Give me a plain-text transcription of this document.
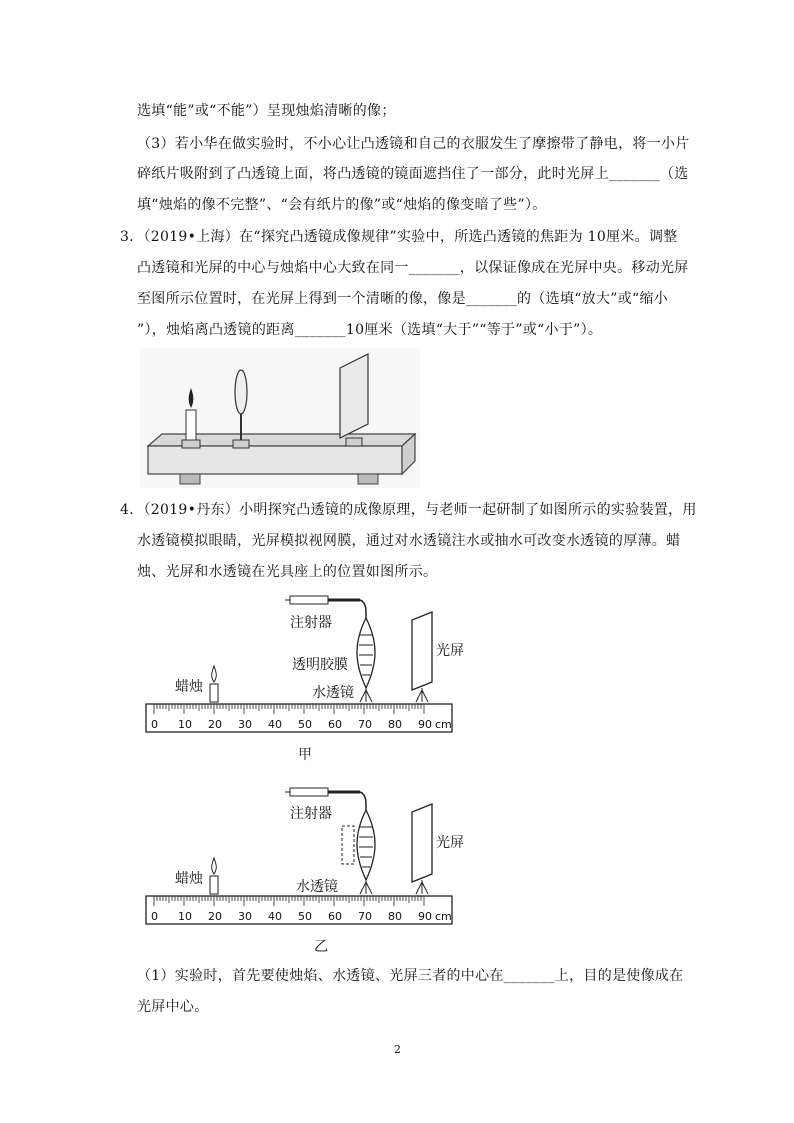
选填“能”或“不能”）呈现烛焰清晰的像；
（3）若小华在做实验时，不小心让凸透镜和自己的衣服发生了摩擦带了静电，将一小片
碎纸片吸附到了凸透镜上面，将凸透镜的镜面遮挡住了一部分，此时光屏上_______（选
填“烛焰的像不完整”、“会有纸片的像”或“烛焰的像变暗了些”）。
3．（2019•上海）在“探究凸透镜成像规律”实验中，所选凸透镜的焦距为 10厘米。调整
凸透镜和光屏的中心与烛焰中心大致在同一_______，以保证像成在光屏中央。移动光屏
至图所示位置时，在光屏上得到一个清晰的像，像是_______的（选填“放大”或“缩小
”），烛焰离凸透镜的距离_______10厘米（选填“大于”“等于”或“小于”）。
4．（2019•丹东）小明探究凸透镜的成像原理，与老师一起研制了如图所示的实验装置，用
水透镜模拟眼睛，光屏模拟视网膜，通过对水透镜注水或抽水可改变水透镜的厚薄。蜡
烛、光屏和水透镜在光具座上的位置如图所示。
注射器
透明胶膜
光屏
蜡烛	水透镜
0 10 20 30 40 50 60 70 80 90 cm
甲
注射器
光屏
蜡烛	水透镜
0 10 20 30 40 50 60 70 80 90 cm
乙
（1）实验时，首先要使烛焰、水透镜、光屏三者的中心在_______上，目的是使像成在
光屏中心。
2
